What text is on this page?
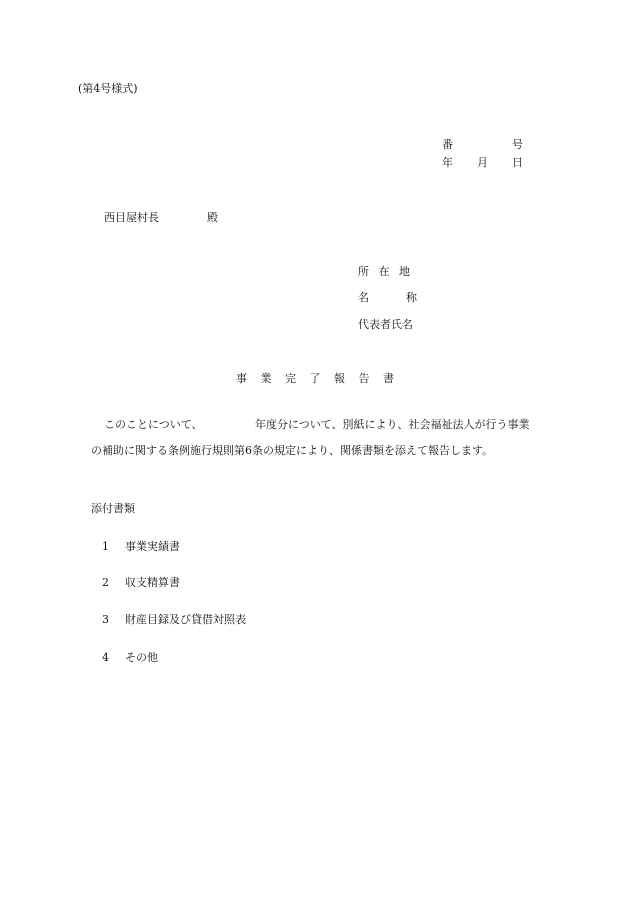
(第4号様式)
番	号
年 月 日
西目屋村長	殿
所 在 地
名	称
代表者氏名
事 業 完 了 報 告 書
このことについて、	年度分について、別紙により、社会福祉法人が行う事業
の補助に関する条例施行規則第6条の規定により、関係書類を添えて報告します。
添付書類
1 事業実績書
2 収支精算書
3 財産目録及び貸借対照表
4 その他
